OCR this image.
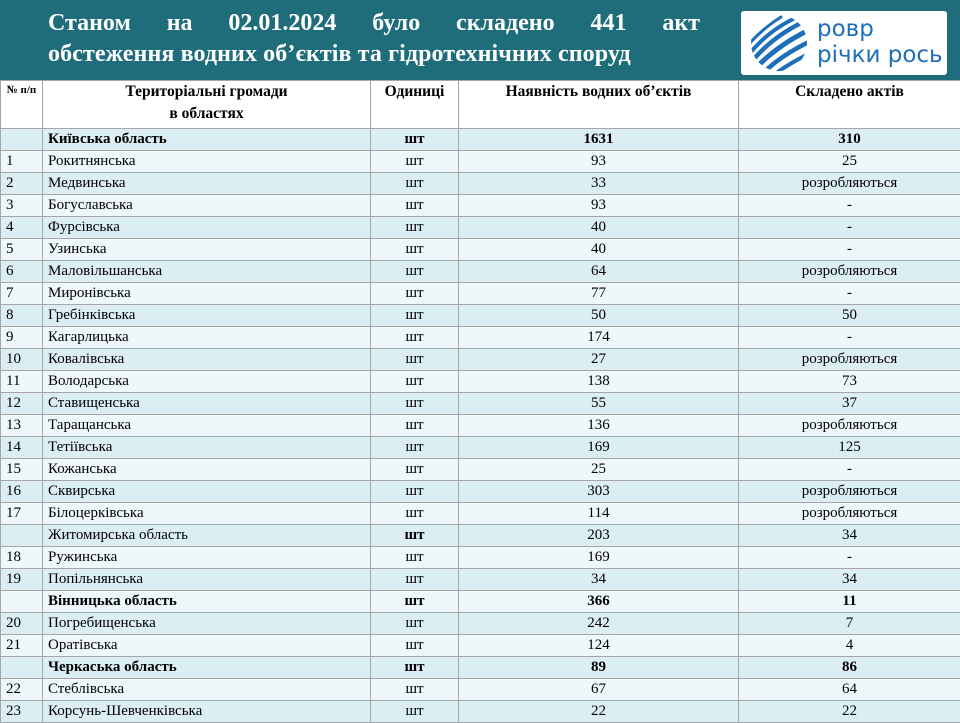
Станом на 02.01.2024 було складено 441 акт
обстеження водних об’єктів та гідротехнічних споруд
ровр
річки рось
№ п/п	Територіальні громади
в областях	Одиниці	Наявність водних об’єктів	Складено актів
	Київська область	шт	1631	310
1	Рокитнянська	шт	93	25
2	Медвинська	шт	33	розробляються
3	Богуславська	шт	93	-
4	Фурсівська	шт	40	-
5	Узинська	шт	40	-
6	Маловільшанська	шт	64	розробляються
7	Миронівська	шт	77	-
8	Гребінківська	шт	50	50
9	Кагарлицька	шт	174	-
10	Ковалівська	шт	27	розробляються
11	Володарська	шт	138	73
12	Ставищенська	шт	55	37
13	Таращанська	шт	136	розробляються
14	Тетіївська	шт	169	125
15	Кожанська	шт	25	-
16	Сквирська	шт	303	розробляються
17	Білоцерківська	шт	114	розробляються
	Житомирська область	шт	203	34
18	Ружинська	шт	169	-
19	Попільнянська	шт	34	34
	Вінницька область	шт	366	11
20	Погребищенська	шт	242	7
21	Оратівська	шт	124	4
	Черкаська область	шт	89	86
22	Стеблівська	шт	67	64
23	Корсунь-Шевченківська	шт	22	22
